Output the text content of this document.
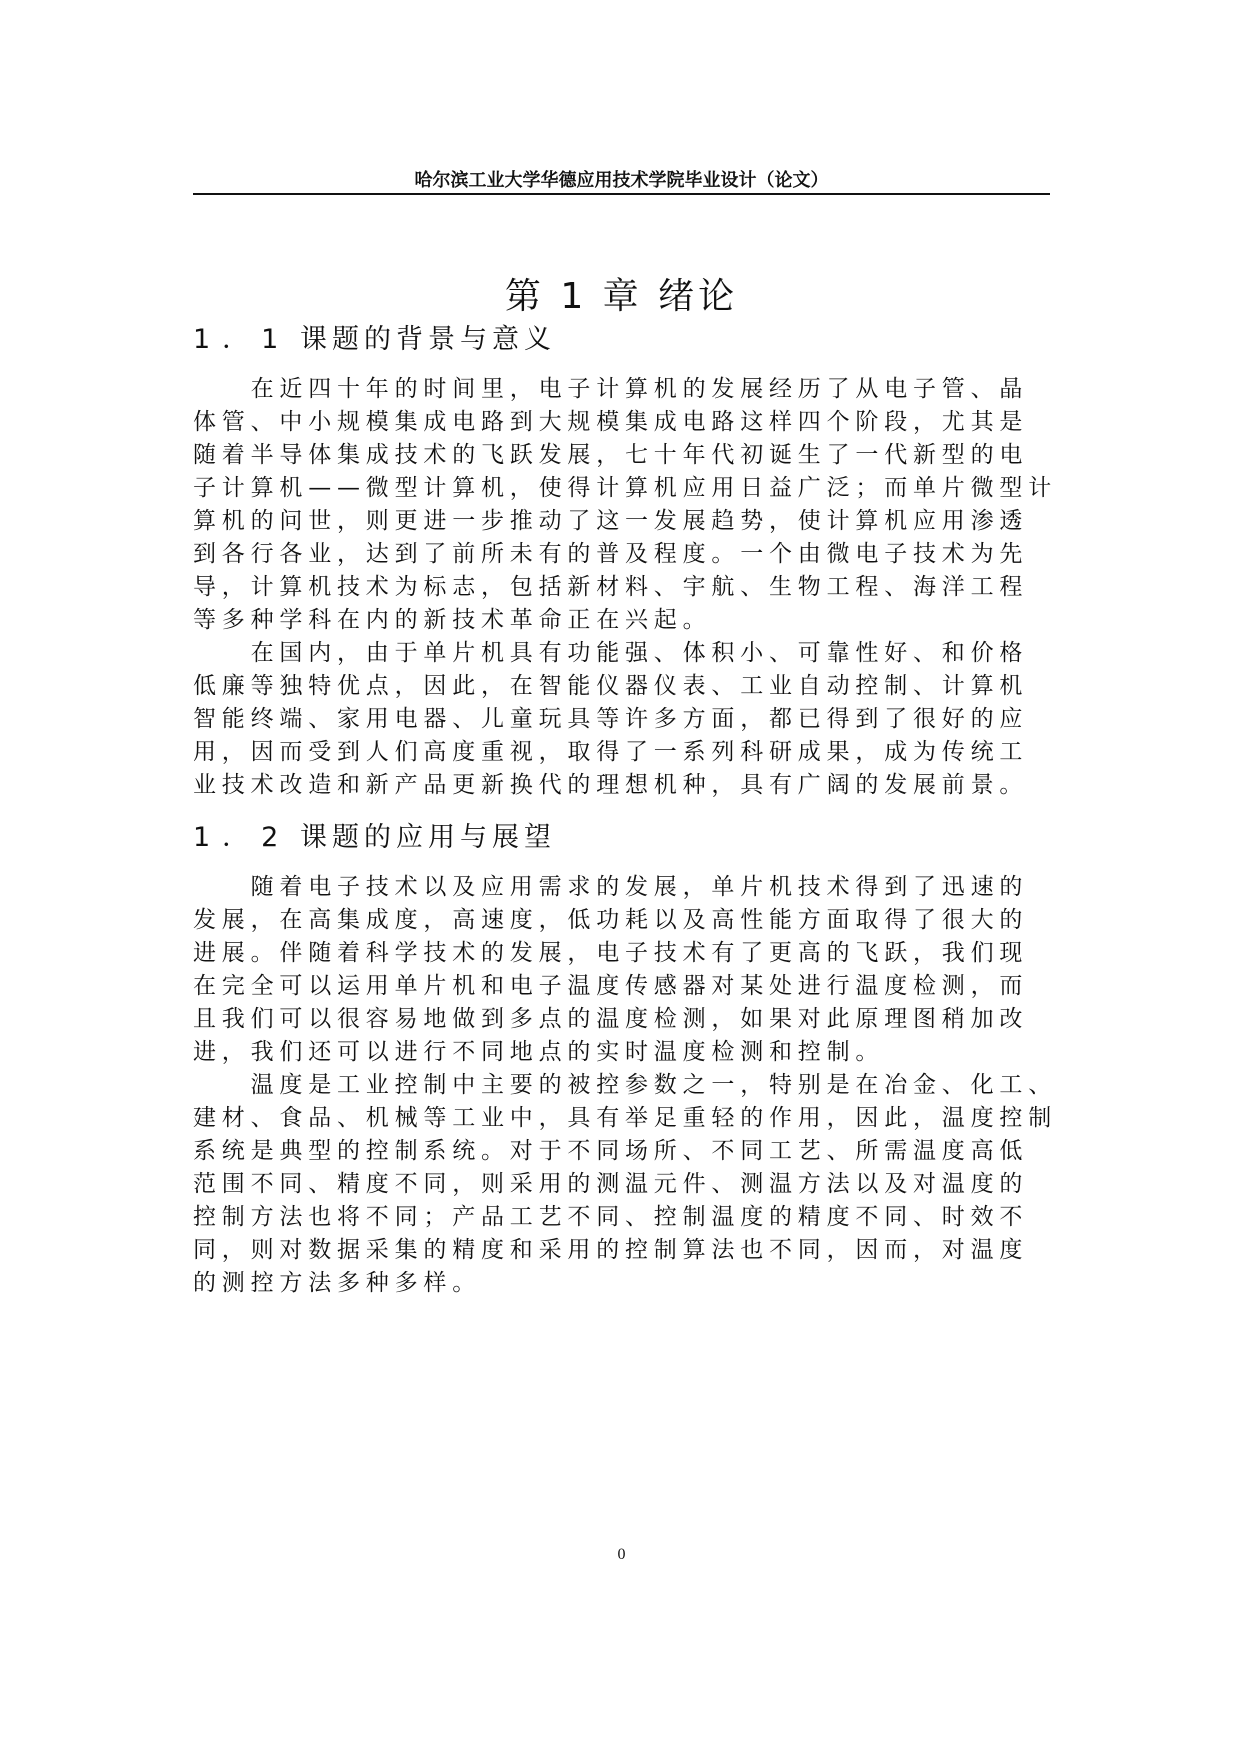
哈尔滨工业大学华德应用技术学院毕业设计（论文）
第 1 章 绪论
1．1 课题的背景与意义
　　在近四十年的时间里，电子计算机的发展经历了从电子管、晶
体管、中小规模集成电路到大规模集成电路这样四个阶段，尤其是
随着半导体集成技术的飞跃发展，七十年代初诞生了一代新型的电
子计算机——微型计算机，使得计算机应用日益广泛；而单片微型计
算机的问世，则更进一步推动了这一发展趋势，使计算机应用渗透
到各行各业，达到了前所未有的普及程度。一个由微电子技术为先
导，计算机技术为标志，包括新材料、宇航、生物工程、海洋工程
等多种学科在内的新技术革命正在兴起。
　　在国内，由于单片机具有功能强、体积小、可靠性好、和价格
低廉等独特优点，因此，在智能仪器仪表、工业自动控制、计算机
智能终端、家用电器、儿童玩具等许多方面，都已得到了很好的应
用，因而受到人们高度重视，取得了一系列科研成果，成为传统工
业技术改造和新产品更新换代的理想机种，具有广阔的发展前景。
1．2 课题的应用与展望
　　随着电子技术以及应用需求的发展，单片机技术得到了迅速的
发展，在高集成度，高速度，低功耗以及高性能方面取得了很大的
进展。伴随着科学技术的发展，电子技术有了更高的飞跃，我们现
在完全可以运用单片机和电子温度传感器对某处进行温度检测，而
且我们可以很容易地做到多点的温度检测，如果对此原理图稍加改
进，我们还可以进行不同地点的实时温度检测和控制。
　　温度是工业控制中主要的被控参数之一，特别是在冶金、化工、
建材、食品、机械等工业中，具有举足重轻的作用，因此，温度控制
系统是典型的控制系统。对于不同场所、不同工艺、所需温度高低
范围不同、精度不同，则采用的测温元件、测温方法以及对温度的
控制方法也将不同；产品工艺不同、控制温度的精度不同、时效不
同，则对数据采集的精度和采用的控制算法也不同，因而，对温度
的测控方法多种多样。
0
